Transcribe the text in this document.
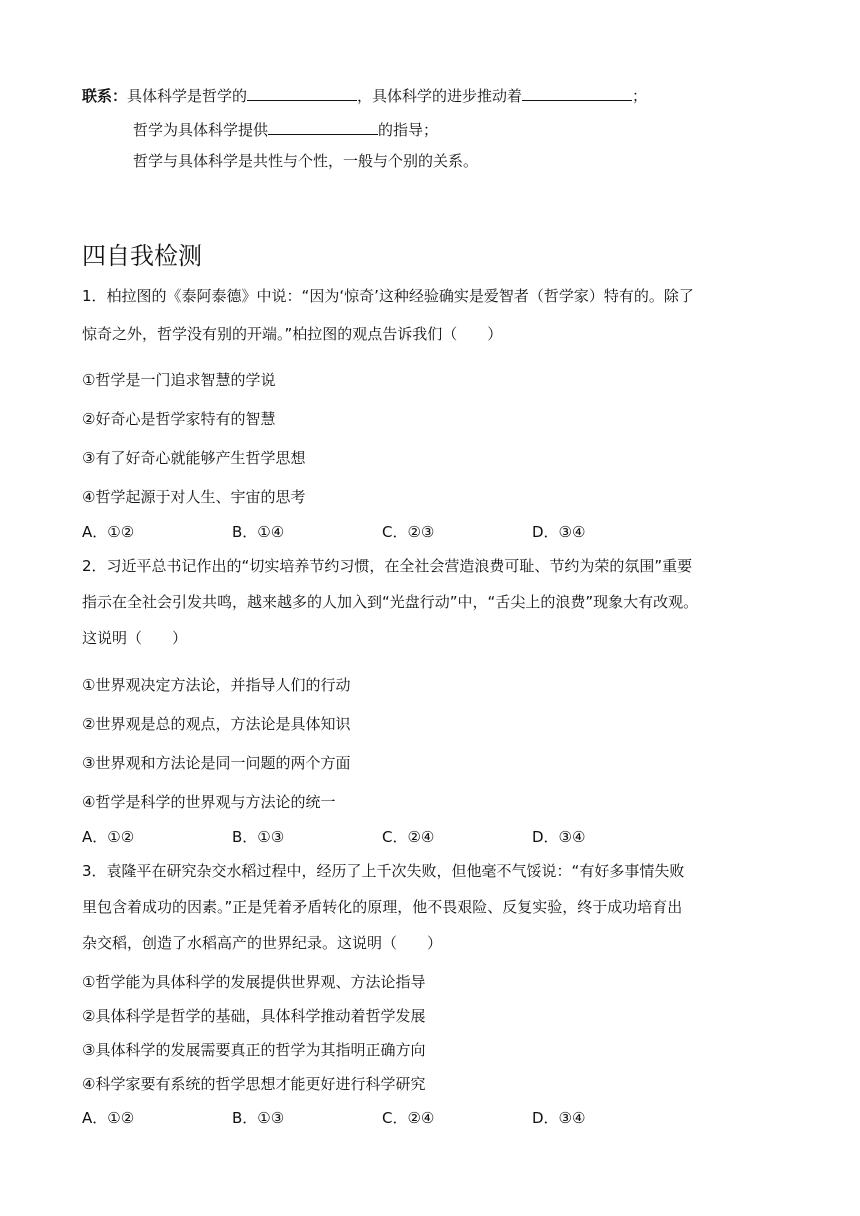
联系：具体科学是哲学的	，具体科学的进步推动着	；
哲学为具体科学提供	的指导；
哲学与具体科学是共性与个性，一般与个别的关系。
四自我检测
1．柏拉图的《泰阿泰德》中说：“因为‘惊奇’这种经验确实是爱智者（哲学家）特有的。除了
惊奇之外，哲学没有别的开端。”柏拉图的观点告诉我们（　　）
①哲学是一门追求智慧的学说
②好奇心是哲学家特有的智慧
③有了好奇心就能够产生哲学思想
④哲学起源于对人生、宇宙的思考
A．①②	B．①④	C．②③	D．③④
2．习近平总书记作出的“切实培养节约习惯，在全社会营造浪费可耻、节约为荣的氛围”重要
指示在全社会引发共鸣，越来越多的人加入到“光盘行动”中，“舌尖上的浪费”现象大有改观。
这说明（　　）
①世界观决定方法论，并指导人们的行动
②世界观是总的观点，方法论是具体知识
③世界观和方法论是同一问题的两个方面
④哲学是科学的世界观与方法论的统一
A．①②	B．①③	C．②④	D．③④
3．袁隆平在研究杂交水稻过程中，经历了上千次失败，但他毫不气馁说：“有好多事情失败
里包含着成功的因素。”正是凭着矛盾转化的原理，他不畏艰险、反复实验，终于成功培育出
杂交稻，创造了水稻高产的世界纪录。这说明（　　）
①哲学能为具体科学的发展提供世界观、方法论指导
②具体科学是哲学的基础，具体科学推动着哲学发展
③具体科学的发展需要真正的哲学为其指明正确方向
④科学家要有系统的哲学思想才能更好进行科学研究
A．①②	B．①③	C．②④	D．③④
